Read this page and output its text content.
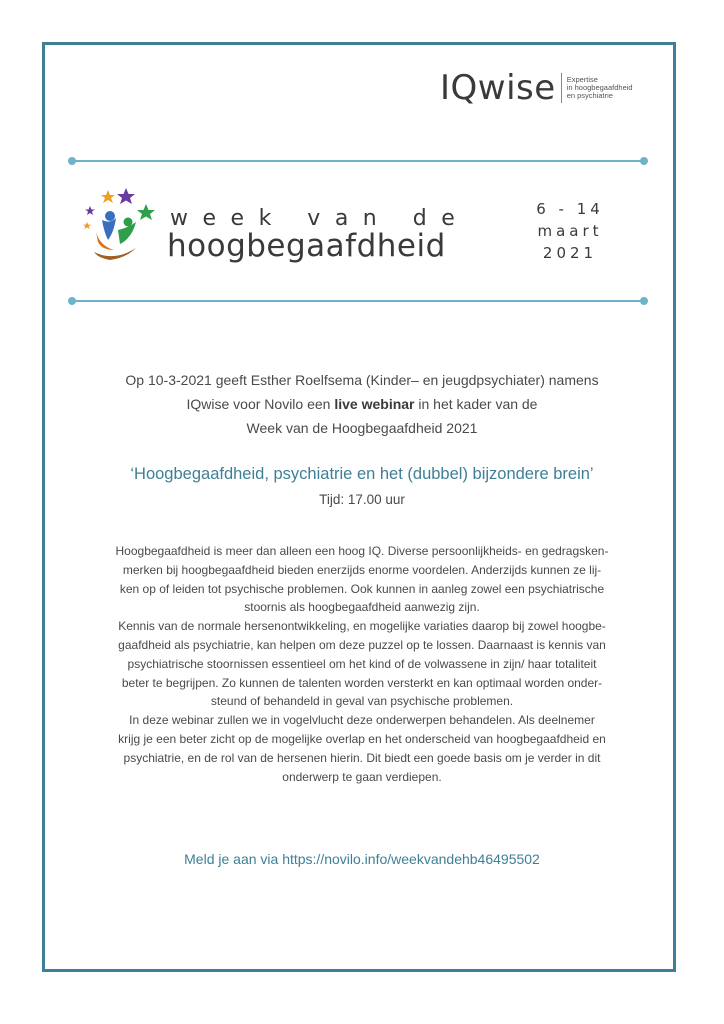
IQwise Expertise
in hoogbegaafdheid
en psychiatrie
week van de
hoogbegaafdheid
6 - 14
maart
2021
Op 10-3-2021 geeft Esther Roelfsema (Kinder– en jeugdpsychiater) namens
IQwise voor Novilo een live webinar in het kader van de
Week van de Hoogbegaafdheid 2021
‘Hoogbegaafdheid, psychiatrie en het (dubbel) bijzondere brein’
Tijd: 17.00 uur
Hoogbegaafdheid is meer dan alleen een hoog IQ. Diverse persoonlijkheids- en gedragsken-
merken bij hoogbegaafdheid bieden enerzijds enorme voordelen. Anderzijds kunnen ze lij-
ken op of leiden tot psychische problemen. Ook kunnen in aanleg zowel een psychiatrische
stoornis als hoogbegaafdheid aanwezig zijn.
Kennis van de normale hersenontwikkeling, en mogelijke variaties daarop bij zowel hoogbe-
gaafdheid als psychiatrie, kan helpen om deze puzzel op te lossen. Daarnaast is kennis van
psychiatrische stoornissen essentieel om het kind of de volwassene in zijn/ haar totaliteit
beter te begrijpen. Zo kunnen de talenten worden versterkt en kan optimaal worden onder-
steund of behandeld in geval van psychische problemen.
In deze webinar zullen we in vogelvlucht deze onderwerpen behandelen. Als deelnemer
krijg je een beter zicht op de mogelijke overlap en het onderscheid van hoogbegaafdheid en
psychiatrie, en de rol van de hersenen hierin. Dit biedt een goede basis om je verder in dit
onderwerp te gaan verdiepen.
Meld je aan via https://novilo.info/weekvandehb46495502
